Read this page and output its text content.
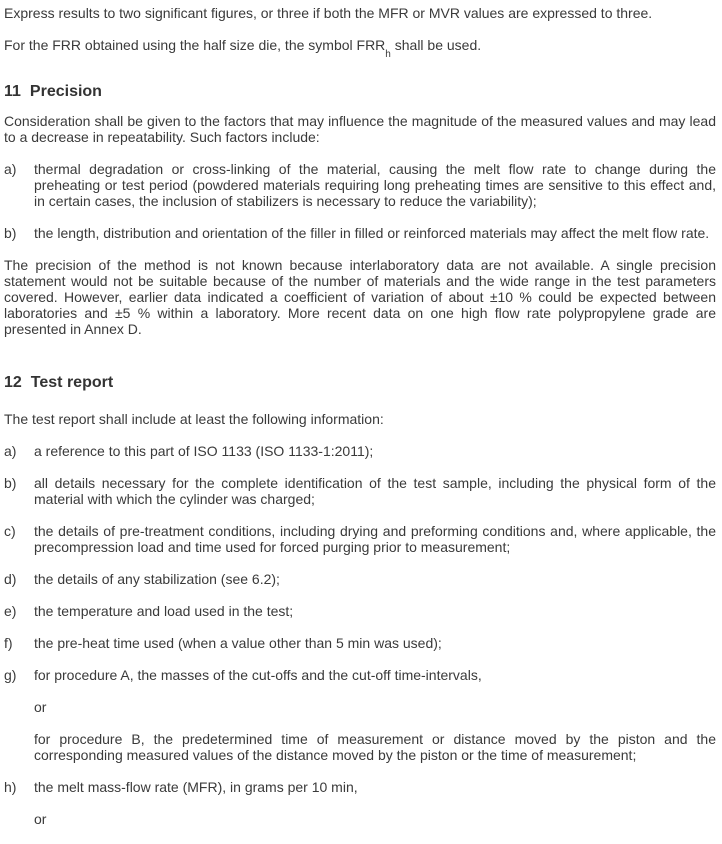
Express results to two significant figures, or three if both the MFR or MVR values are expressed to three.

For the FRR obtained using the half size die, the symbol $FRR_h$ shall be used.

11 Precision

Consideration shall be given to the factors that may influence the magnitude of the measured values and may lead to a decrease in repeatability. Such factors include:

a)	thermal degradation or cross-linking of the material, causing the melt flow rate to change during the preheating or test period (powdered materials requiring long preheating times are sensitive to this effect and, in certain cases, the inclusion of stabilizers is necessary to reduce the variability);
b)	the length, distribution and orientation of the filler in filled or reinforced materials may affect the melt flow rate.

The precision of the method is not known because interlaboratory data are not available. A single precision statement would not be suitable because of the number of materials and the wide range in the test parameters covered. However, earlier data indicated a coefficient of variation of about ±10 % could be expected between laboratories and ±5 % within a laboratory. More recent data on one high flow rate polypropylene grade are presented in Annex D.

12 Test report

The test report shall include at least the following information:

a)	a reference to this part of ISO 1133 (ISO 1133-1:2011);
b)	all details necessary for the complete identification of the test sample, including the physical form of the material with which the cylinder was charged;
c)	the details of pre-treatment conditions, including drying and preforming conditions and, where applicable, the precompression load and time used for forced purging prior to measurement;
d)	the details of any stabilization (see 6.2);
e)	the temperature and load used in the test;
f)	the pre-heat time used (when a value other than 5 min was used);
g)	for procedure A, the masses of the cut-offs and the cut-off time-intervals,

or

for procedure B, the predetermined time of measurement or distance moved by the piston and the corresponding measured values of the distance moved by the piston or the time of measurement;

h)	the melt mass-flow rate (MFR), in grams per 10 min,

or
